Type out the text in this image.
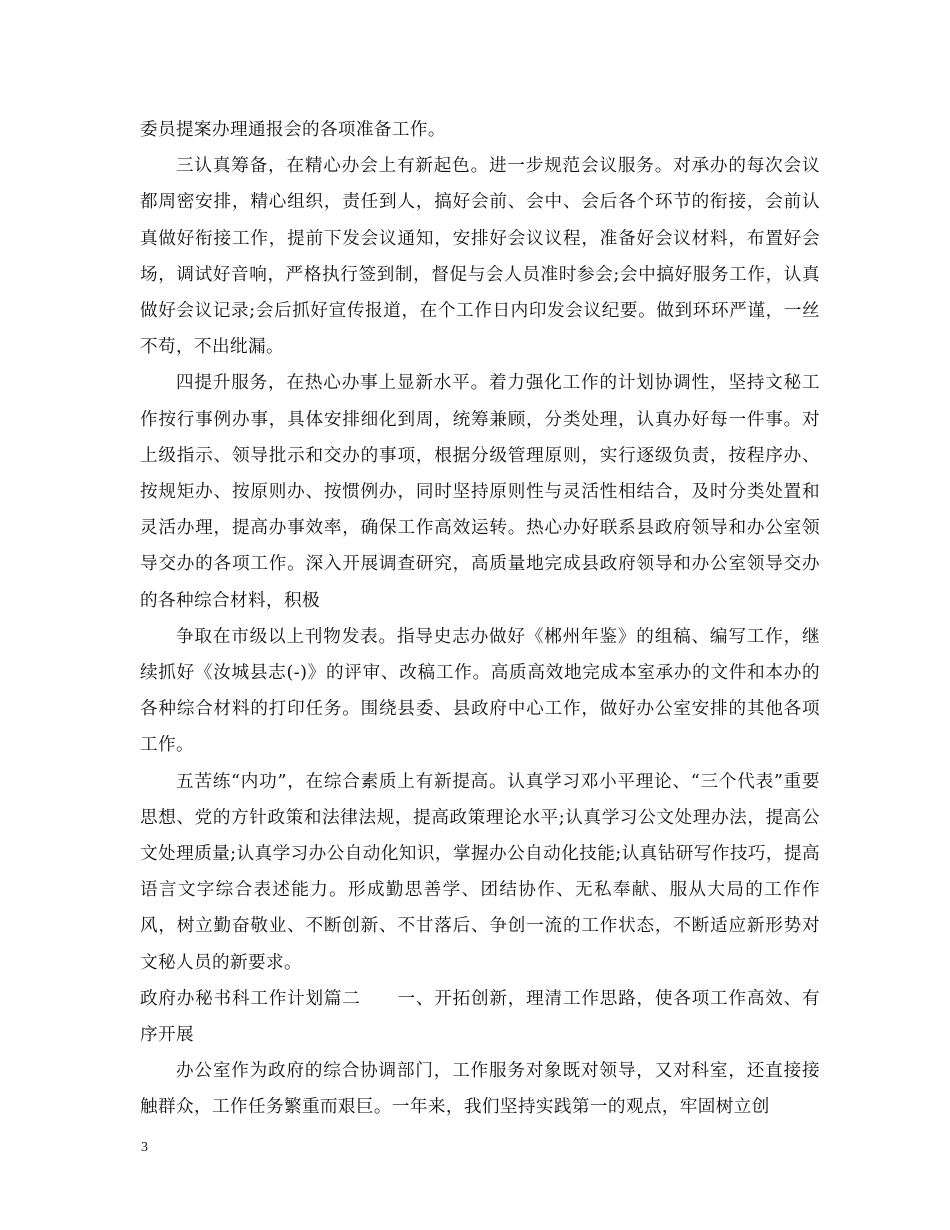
委员提案办理通报会的各项准备工作。

三认真筹备，在精心办会上有新起色。进一步规范会议服务。对承办的每次会议都周密安排，精心组织，责任到人，搞好会前、会中、会后各个环节的衔接，会前认真做好衔接工作，提前下发会议通知，安排好会议议程，准备好会议材料，布置好会场，调试好音响，严格执行签到制，督促与会人员准时参会;会中搞好服务工作，认真做好会议记录;会后抓好宣传报道，在个工作日内印发会议纪要。做到环环严谨，一丝不苟，不出纰漏。

四提升服务，在热心办事上显新水平。着力强化工作的计划协调性，坚持文秘工作按行事例办事，具体安排细化到周，统筹兼顾，分类处理，认真办好每一件事。对上级指示、领导批示和交办的事项，根据分级管理原则，实行逐级负责，按程序办、按规矩办、按原则办、按惯例办，同时坚持原则性与灵活性相结合，及时分类处置和灵活办理，提高办事效率，确保工作高效运转。热心办好联系县政府领导和办公室领导交办的各项工作。深入开展调查研究，高质量地完成县政府领导和办公室领导交办的各种综合材料，积极

争取在市级以上刊物发表。指导史志办做好《郴州年鉴》的组稿、编写工作，继续抓好《汝城县志(-)》的评审、改稿工作。高质高效地完成本室承办的文件和本办的各种综合材料的打印任务。围绕县委、县政府中心工作，做好办公室安排的其他各项工作。

五苦练“内功”，在综合素质上有新提高。认真学习邓小平理论、“三个代表”重要思想、党的方针政策和法律法规，提高政策理论水平;认真学习公文处理办法，提高公文处理质量;认真学习办公自动化知识，掌握办公自动化技能;认真钻研写作技巧，提高语言文字综合表述能力。形成勤思善学、团结协作、无私奉献、服从大局的工作作风，树立勤奋敬业、不断创新、不甘落后、争创一流的工作状态，不断适应新形势对文秘人员的新要求。

政府办秘书科工作计划篇二　　一、开拓创新，理清工作思路，使各项工作高效、有序开展

办公室作为政府的综合协调部门，工作服务对象既对领导，又对科室，还直接接触群众，工作任务繁重而艰巨。一年来，我们坚持实践第一的观点，牢固树立创

3
